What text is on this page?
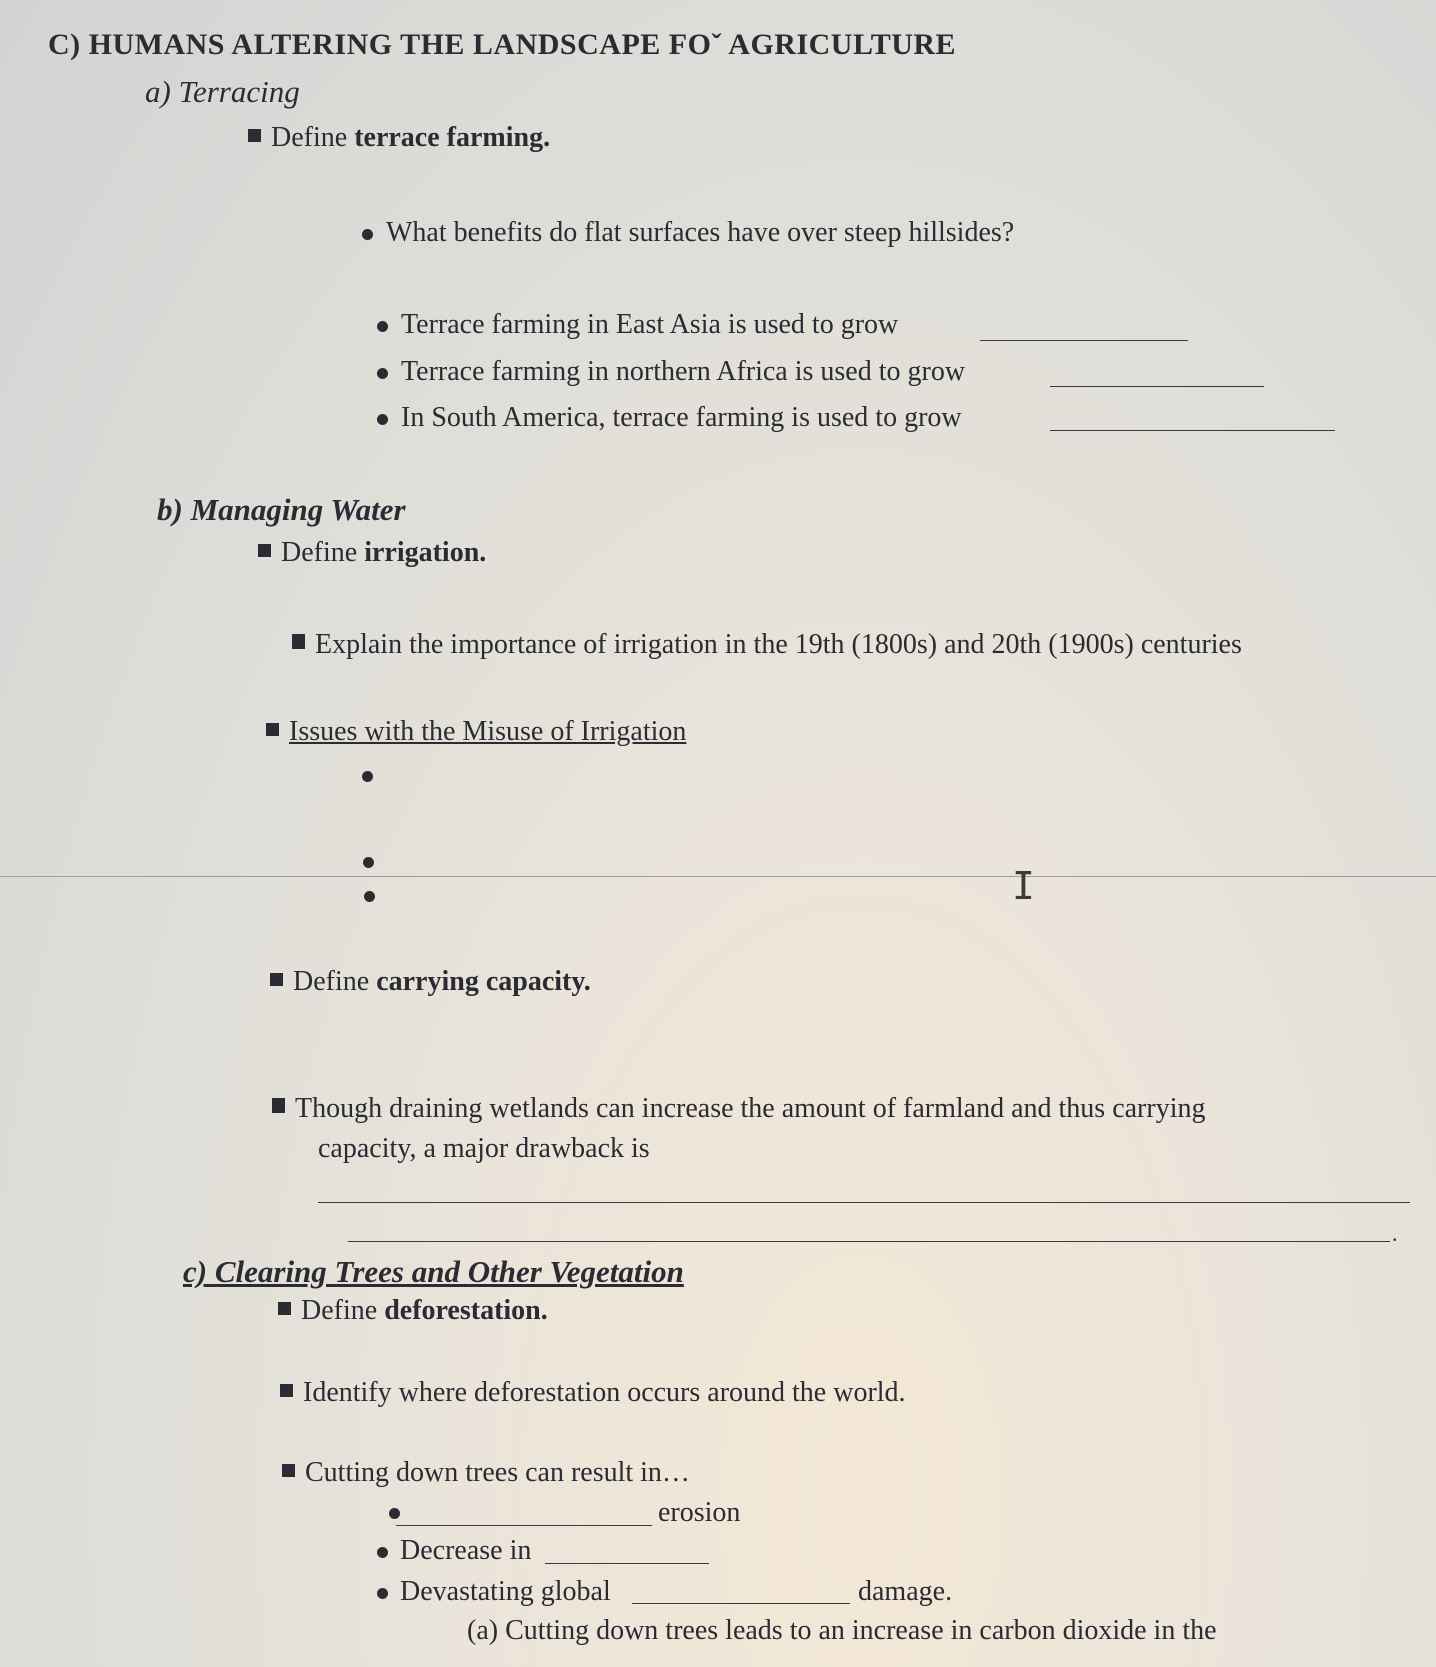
C) HUMANS ALTERING THE LANDSCAPE FOˇ AGRICULTURE
a) Terracing
Define terrace farming.
What benefits do flat surfaces have over steep hillsides?
Terrace farming in East Asia is used to grow
Terrace farming in northern Africa is used to grow
In South America, terrace farming is used to grow
b) Managing Water
Define irrigation.
Explain the importance of irrigation in the 19th (1800s) and 20th (1900s) centuries
Issues with the Misuse of Irrigation
I
Define carrying capacity.
Though draining wetlands can increase the amount of farmland and thus carrying
capacity, a major drawback is
.
c) Clearing Trees and Other Vegetation
Define deforestation.
Identify where deforestation occurs around the world.
Cutting down trees can result in…
erosion
Decrease in
Devastating global	damage.
(a) Cutting down trees leads to an increase in carbon dioxide in the
